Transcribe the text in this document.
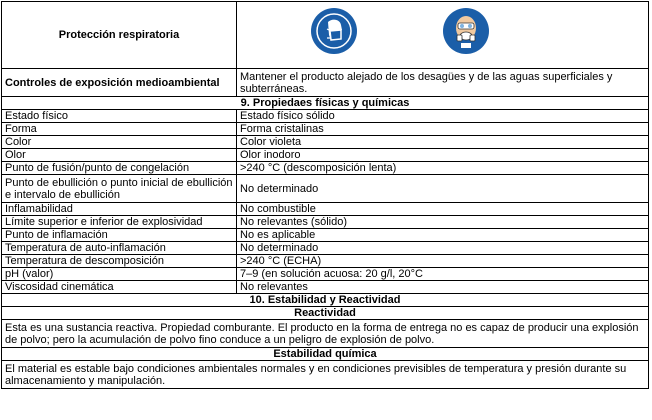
Protección respiratoria	

Controles de exposición medioambiental	Mantener el producto alejado de los desagües y de las aguas superficiales y subterráneas.
9. Propiedaes físicas y químicas	
Estado físico	Estado físico sólido
Forma	Forma cristalinas
Color	Color violeta
Olor	Olor inodoro
Punto de fusión/punto de congelación	>240 °C (descomposición lenta)
Punto de ebullición o punto inicial de ebullición e intervalo de ebullición	No determinado
Inflamabilidad	No combustible
Límite superior e inferior de explosividad	No relevantes (sólido)
Punto de inflamación	No es aplicable
Temperatura de auto-inflamación	No determinado
Temperatura de descomposición	>240 °C (ECHA)
pH (valor)	7–9 (en solución acuosa: 20 g/l, 20°C
Viscosidad cinemática	No relevantes
10. Estabilidad y Reactividad	
Reactividad	
Esta es una sustancia reactiva. Propiedad comburante. El producto en la forma de entrega no es capaz de producir una explosión de polvo; pero la acumulación de polvo fino conduce a un peligro de explosión de polvo.	
Estabilidad química	
El material es estable bajo condiciones ambientales normales y en condiciones previsibles de temperatura y presión durante su almacenamiento y manipulación.	
